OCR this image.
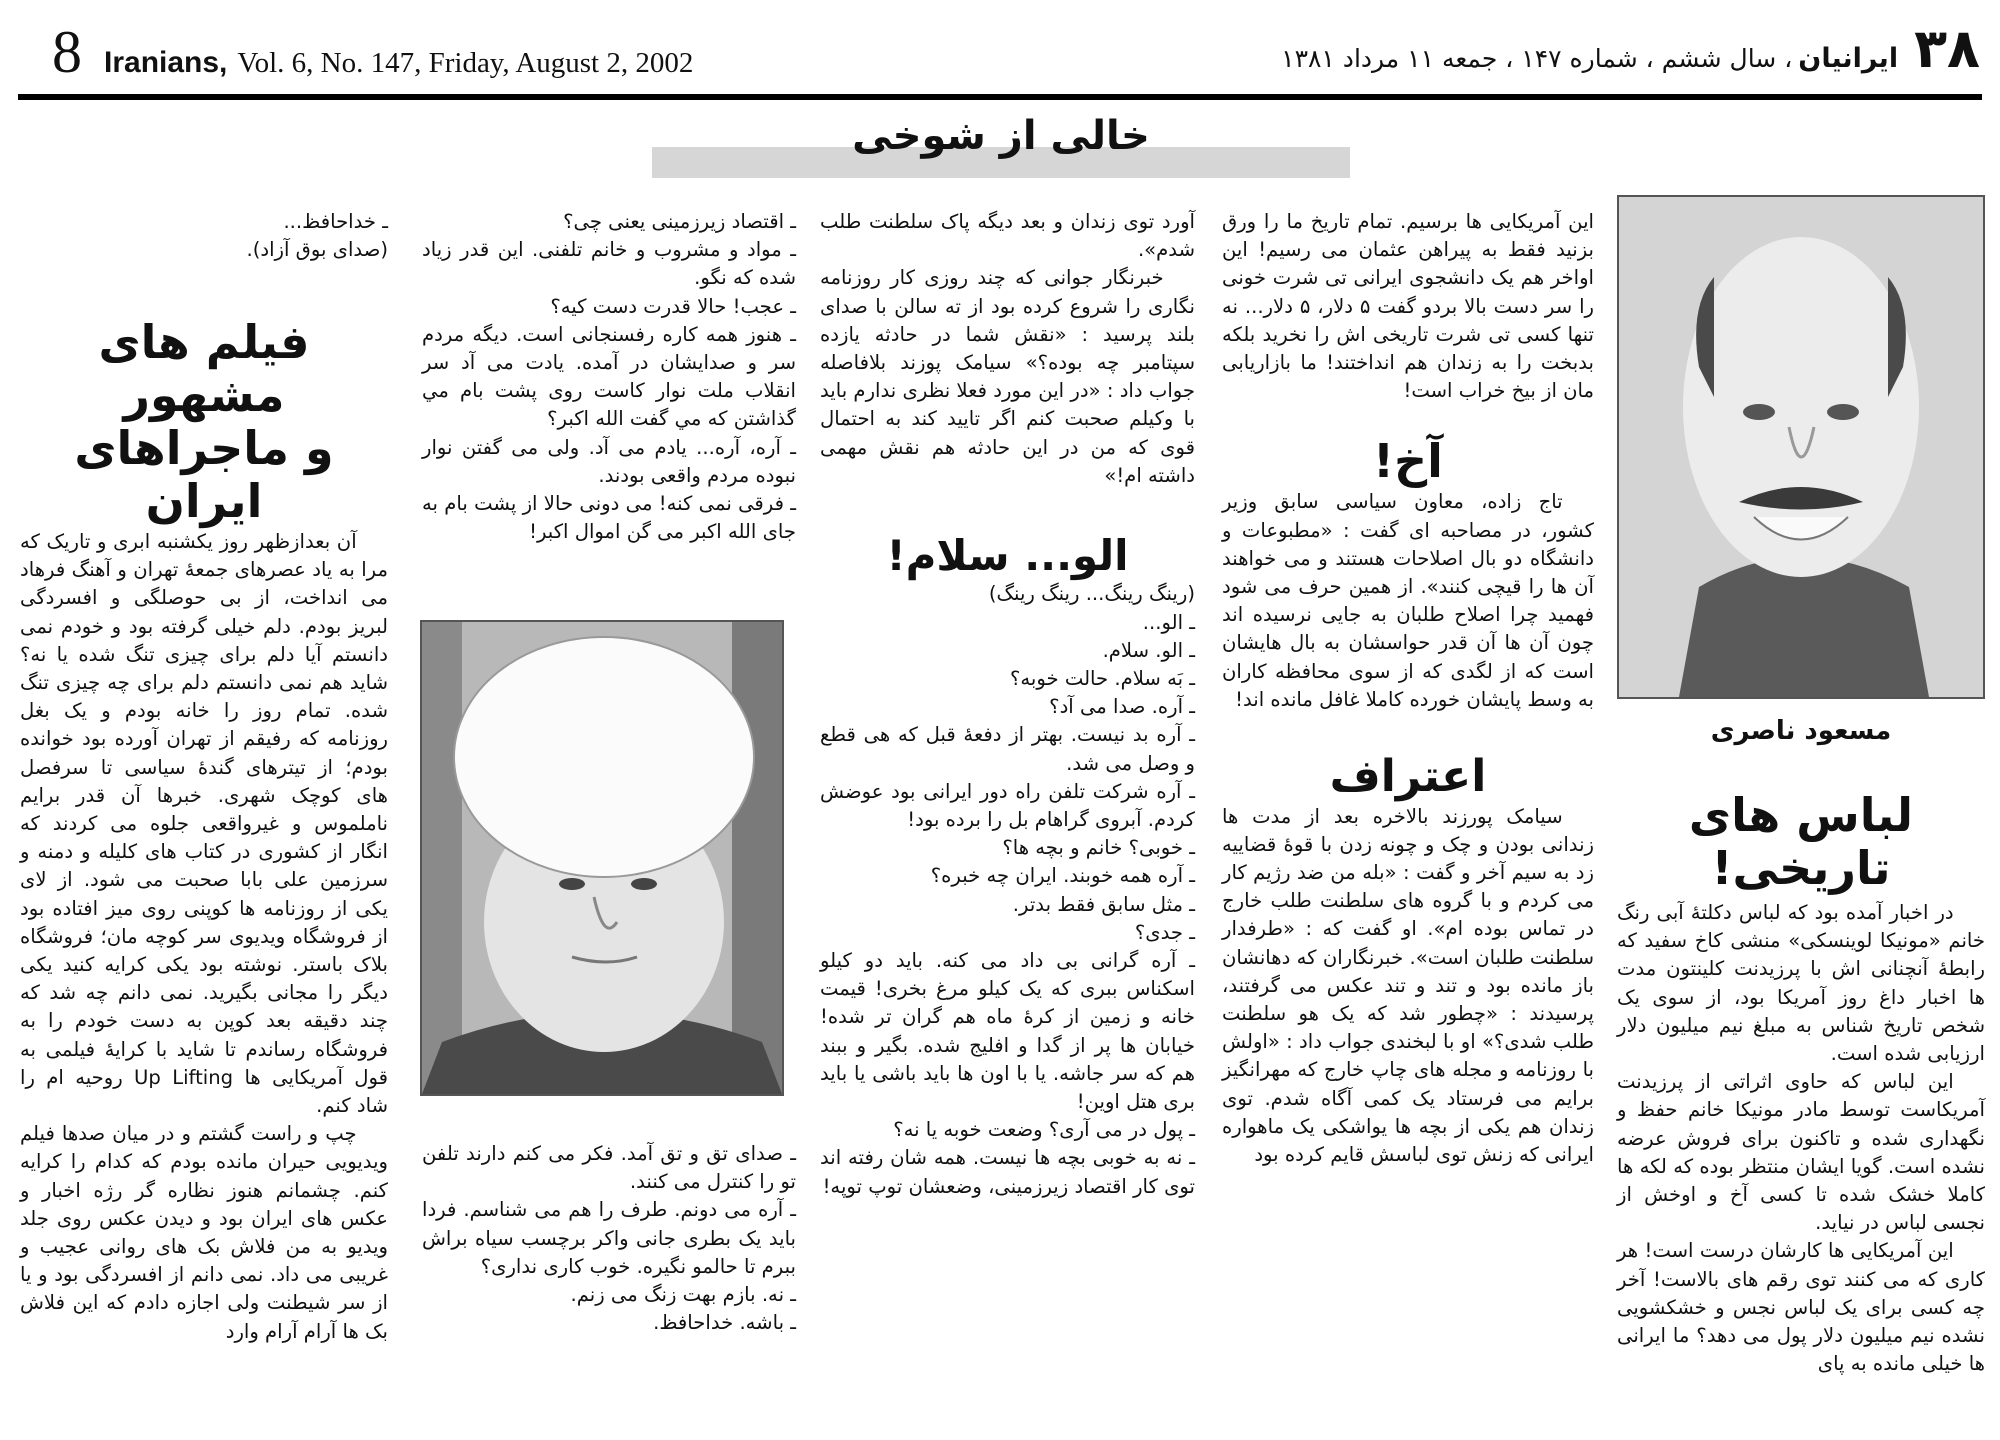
8 Iranians, Vol. 6, No. 147, Friday, August 2, 2002	۳۸
ایرانیان
، سال ششم ، شماره ۱۴۷ ، جمعه ۱۱ مرداد ۱۳۸۱
خالی از شوخی
مسعود ناصری
لباس های تاریخی!

در اخبار آمده بود که لباس دکلتهٔ آبی رنگ خانم «مونیکا لوینسکی» منشی کاخ سفید که رابطهٔ آنچنانی اش با پرزیدنت کلینتون مدت ها اخبار داغ روز آمریکا بود، از سوی یک شخص تاریخ شناس به مبلغ نیم میلیون دلار ارزیابی شده است.

این لباس که حاوی اثراتی از پرزیدنت آمریکاست توسط مادر مونیکا خانم حفظ و نگهداری شده و تاکنون برای فروش عرضه نشده است. گویا ایشان منتظر بوده که لکه ها کاملا خشک شده تا کسی آخ و اوخش از نجسی لباس در نیاید.

این آمریکایی ها کارشان درست است! هر کاری که می کنند توی رقم های بالاست! آخر چه کسی برای یک لباس نجس و خشکشویی نشده نیم میلیون دلار پول می دهد؟ ما ایرانی ها خیلی مانده به پای

این آمریکایی ها برسیم. تمام تاریخ ما را ورق بزنید فقط به پیراهن عثمان می رسیم! این اواخر هم یک دانشجوی ایرانی تی شرت خونی را سر دست بالا بردو گفت ۵ دلار، ۵ دلار... نه تنها کسی تی شرت تاریخی اش را نخرید بلکه بدبخت را به زندان هم انداختند! ما بازاریابی مان از بیخ خراب است!

آخ!

تاج زاده، معاون سیاسی سابق وزیر کشور، در مصاحبه ای گفت : «مطبوعات و دانشگاه دو بال اصلاحات هستند و می خواهند آن ها را قیچی کنند». از همین حرف می شود فهمید چرا اصلاح طلبان به جایی نرسیده اند چون آن ها آن قدر حواسشان به بال هایشان است که از لگدی که از سوی محافظه کاران به وسط پایشان خورده کاملا غافل مانده اند!

اعتراف

سیامک پورزند بالاخره بعد از مدت ها زندانی بودن و چک و چونه زدن با قوهٔ قضاییه زد به سیم آخر و گفت : «بله من ضد رژیم کار می کردم و با گروه های سلطنت طلب خارج در تماس بوده ام». او گفت که : «طرفدار سلطنت طلبان است». خبرنگاران که دهانشان باز مانده بود و تند و تند عکس می گرفتند، پرسیدند : «چطور شد که یک هو سلطنت طلب شدی؟» او با لبخندی جواب داد : «اولش با روزنامه و مجله های چاپ خارج که مهرانگیز برایم می فرستاد یک کمی آگاه شدم. توی زندان هم یکی از بچه ها یواشکی یک ماهواره ایرانی که زنش توی لباسش قایم کرده بود

آورد توی زندان و بعد دیگه پاک سلطنت طلب شدم».

خبرنگار جوانی که چند روزی کار روزنامه نگاری را شروع کرده بود از ته سالن با صدای بلند پرسید : «نقش شما در حادثه یازده سپتامبر چه بوده؟» سیامک پوزند بلافاصله جواب داد : «در این مورد فعلا نظری ندارم باید با وکیلم صحبت کنم اگر تایید کند به احتمال قوی که من در این حادثه هم نقش مهمی داشته ام!»

الو... سلام!

(رینگ رینگ... رینگ رینگ)

ـ الو...

ـ الو. سلام.

ـ بَه سلام. حالت خوبه؟

ـ آره. صدا می آد؟

ـ آره بد نیست. بهتر از دفعهٔ قبل که هی قطع و وصل می شد.

ـ آره شرکت تلفن راه دور ایرانی بود عوضش کردم. آبروی گراهام بل را برده بود!

ـ خوبی؟ خانم و بچه ها؟

ـ آره همه خوبند. ایران چه خبره؟

ـ مثل سابق فقط بدتر.

ـ جدی؟

ـ آره گرانی بی داد می کنه. باید دو کیلو اسکناس ببری که یک کیلو مرغ بخری! قیمت خانه و زمین از کرهٔ ماه هم گران تر شده! خیابان ها پر از گدا و افلیج شده. بگیر و ببند هم که سر جاشه. یا با اون ها باید باشی یا باید بری هتل اوین!

ـ پول در می آری؟ وضعت خوبه یا نه؟

ـ نه به خوبی بچه ها نیست. همه شان رفته اند توی کار اقتصاد زیرزمینی، وضعشان توپ توپه!

ـ اقتصاد زیرزمینی یعنی چی؟

ـ مواد و مشروب و خانم تلفنی. این قدر زیاد شده که نگو.

ـ عجب! حالا قدرت دست کیه؟

ـ هنوز همه کاره رفسنجانی است. دیگه مردم سر و صدایشان در آمده. یادت می آد سر انقلاب ملت نوار کاست روی پشت بام مي گذاشتن که مي گفت الله اكبر؟

ـ آره، آره... یادم می آد. ولی می گفتن نوار نبوده مردم واقعی بودند.

ـ فرقی نمی کنه! می دونی حالا از پشت بام به جای الله اکبر می گن اموال اکبر!

ـ صدای تق و تق آمد. فکر می کنم دارند تلفن تو را کنترل می کنند.

ـ آره می دونم. طرف را هم می شناسم. فردا باید یک بطری جانی واکر برچسب سیاه براش ببرم تا حالمو نگیره. خوب کاری نداری؟

ـ نه. بازم بهت زنگ می زنم.

ـ باشه. خداحافظ.

ـ خداحافظ...

(صدای بوق آزاد).

فیلم های مشهور
و ماجراهای ایران

آن بعدازظهر روز یکشنبه ابری و تاریک که مرا به یاد عصرهای جمعهٔ تهران و آهنگ فرهاد می انداخت، از بی حوصلگی و افسردگی لبریز بودم. دلم خیلی گرفته بود و خودم نمی دانستم آیا دلم برای چیزی تنگ شده یا نه؟ شاید هم نمی دانستم دلم برای چه چیزی تنگ شده. تمام روز را خانه بودم و یک بغل روزنامه که رفیقم از تهران آورده بود خوانده بودم؛ از تیترهای گندهٔ سیاسی تا سرفصل های کوچک شهری. خبرها آن قدر برایم ناملموس و غیرواقعی جلوه می کردند که انگار از کشوری در کتاب های کلیله و دمنه و سرزمین علی بابا صحبت می شود. از لای یکی از روزنامه ها کوپنی روی میز افتاده بود از فروشگاه ویدیوی سر کوچه مان؛ فروشگاه بلاک باستر. نوشته بود یکی کرایه کنید یکی دیگر را مجانی بگیرید. نمی دانم چه شد که چند دقیقه بعد کوپن به دست خودم را به فروشگاه رساندم تا شاید با کرایهٔ فیلمی به قول آمریکایی ها Up Lifting روحیه ام را شاد کنم.

چپ و راست گشتم و در میان صدها فیلم ویدیویی حیران مانده بودم که کدام را کرایه کنم. چشمانم هنوز نظاره گر رژه اخبار و عکس های ایران بود و دیدن عکس روی جلد ویدیو به من فلاش بک های روانی عجیب و غریبی می داد. نمی دانم از افسردگی بود و یا از سر شیطنت ولی اجازه دادم که این فلاش بک ها آرام آرام وارد
